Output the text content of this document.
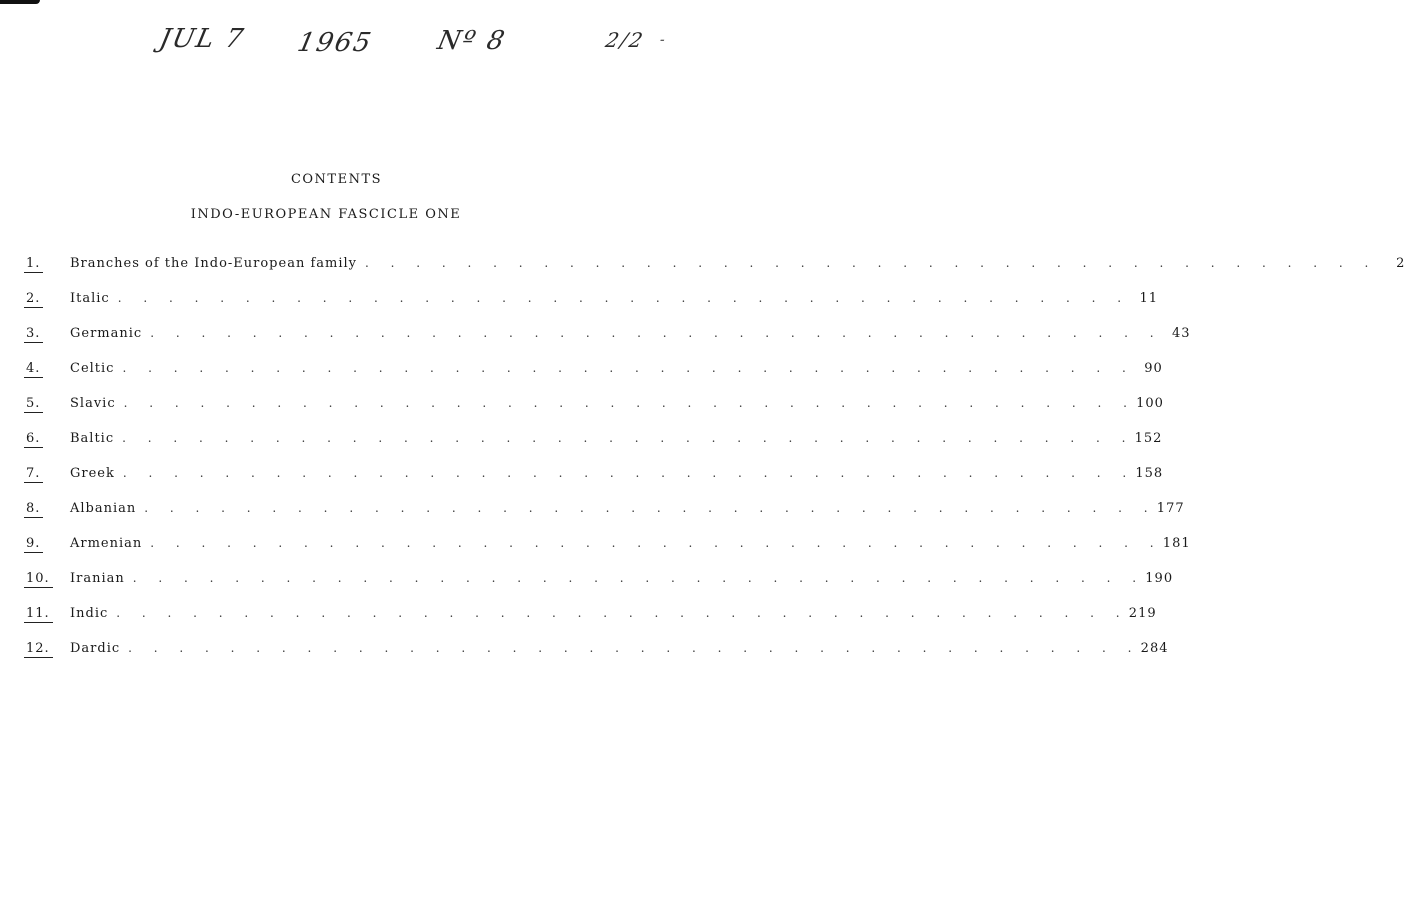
JUL 7 1965 Nº 8	2/2 -
CONTENTS
INDO-EUROPEAN FASCICLE ONE
1.	Branches of the Indo-European family . . . . . . . . . . . . . . . . . . . . . . . . . . . . . . . . . . . . . . . .	2
2.	Italic . . . . . . . . . . . . . . . . . . . . . . . . . . . . . . . . . . . . . . . . 11
3.	Germanic . . . . . . . . . . . . . . . . . . . . . . . . . . . . . . . . . . . . . . . . 43
4.	Celtic . . . . . . . . . . . . . . . . . . . . . . . . . . . . . . . . . . . . . . . . 90
5.	Slavic . . . . . . . . . . . . . . . . . . . . . . . . . . . . . . . . . . . . . . . . 100
6.	Baltic . . . . . . . . . . . . . . . . . . . . . . . . . . . . . . . . . . . . . . . . 152
7.	Greek . . . . . . . . . . . . . . . . . . . . . . . . . . . . . . . . . . . . . . . . 158
8.	Albanian . . . . . . . . . . . . . . . . . . . . . . . . . . . . . . . . . . . . . . . . 177
9.	Armenian . . . . . . . . . . . . . . . . . . . . . . . . . . . . . . . . . . . . . . . . 181
10.	Iranian . . . . . . . . . . . . . . . . . . . . . . . . . . . . . . . . . . . . . . . . 190
11.	Indic . . . . . . . . . . . . . . . . . . . . . . . . . . . . . . . . . . . . . . . . 219
12.	Dardic . . . . . . . . . . . . . . . . . . . . . . . . . . . . . . . . . . . . . . . . 284
